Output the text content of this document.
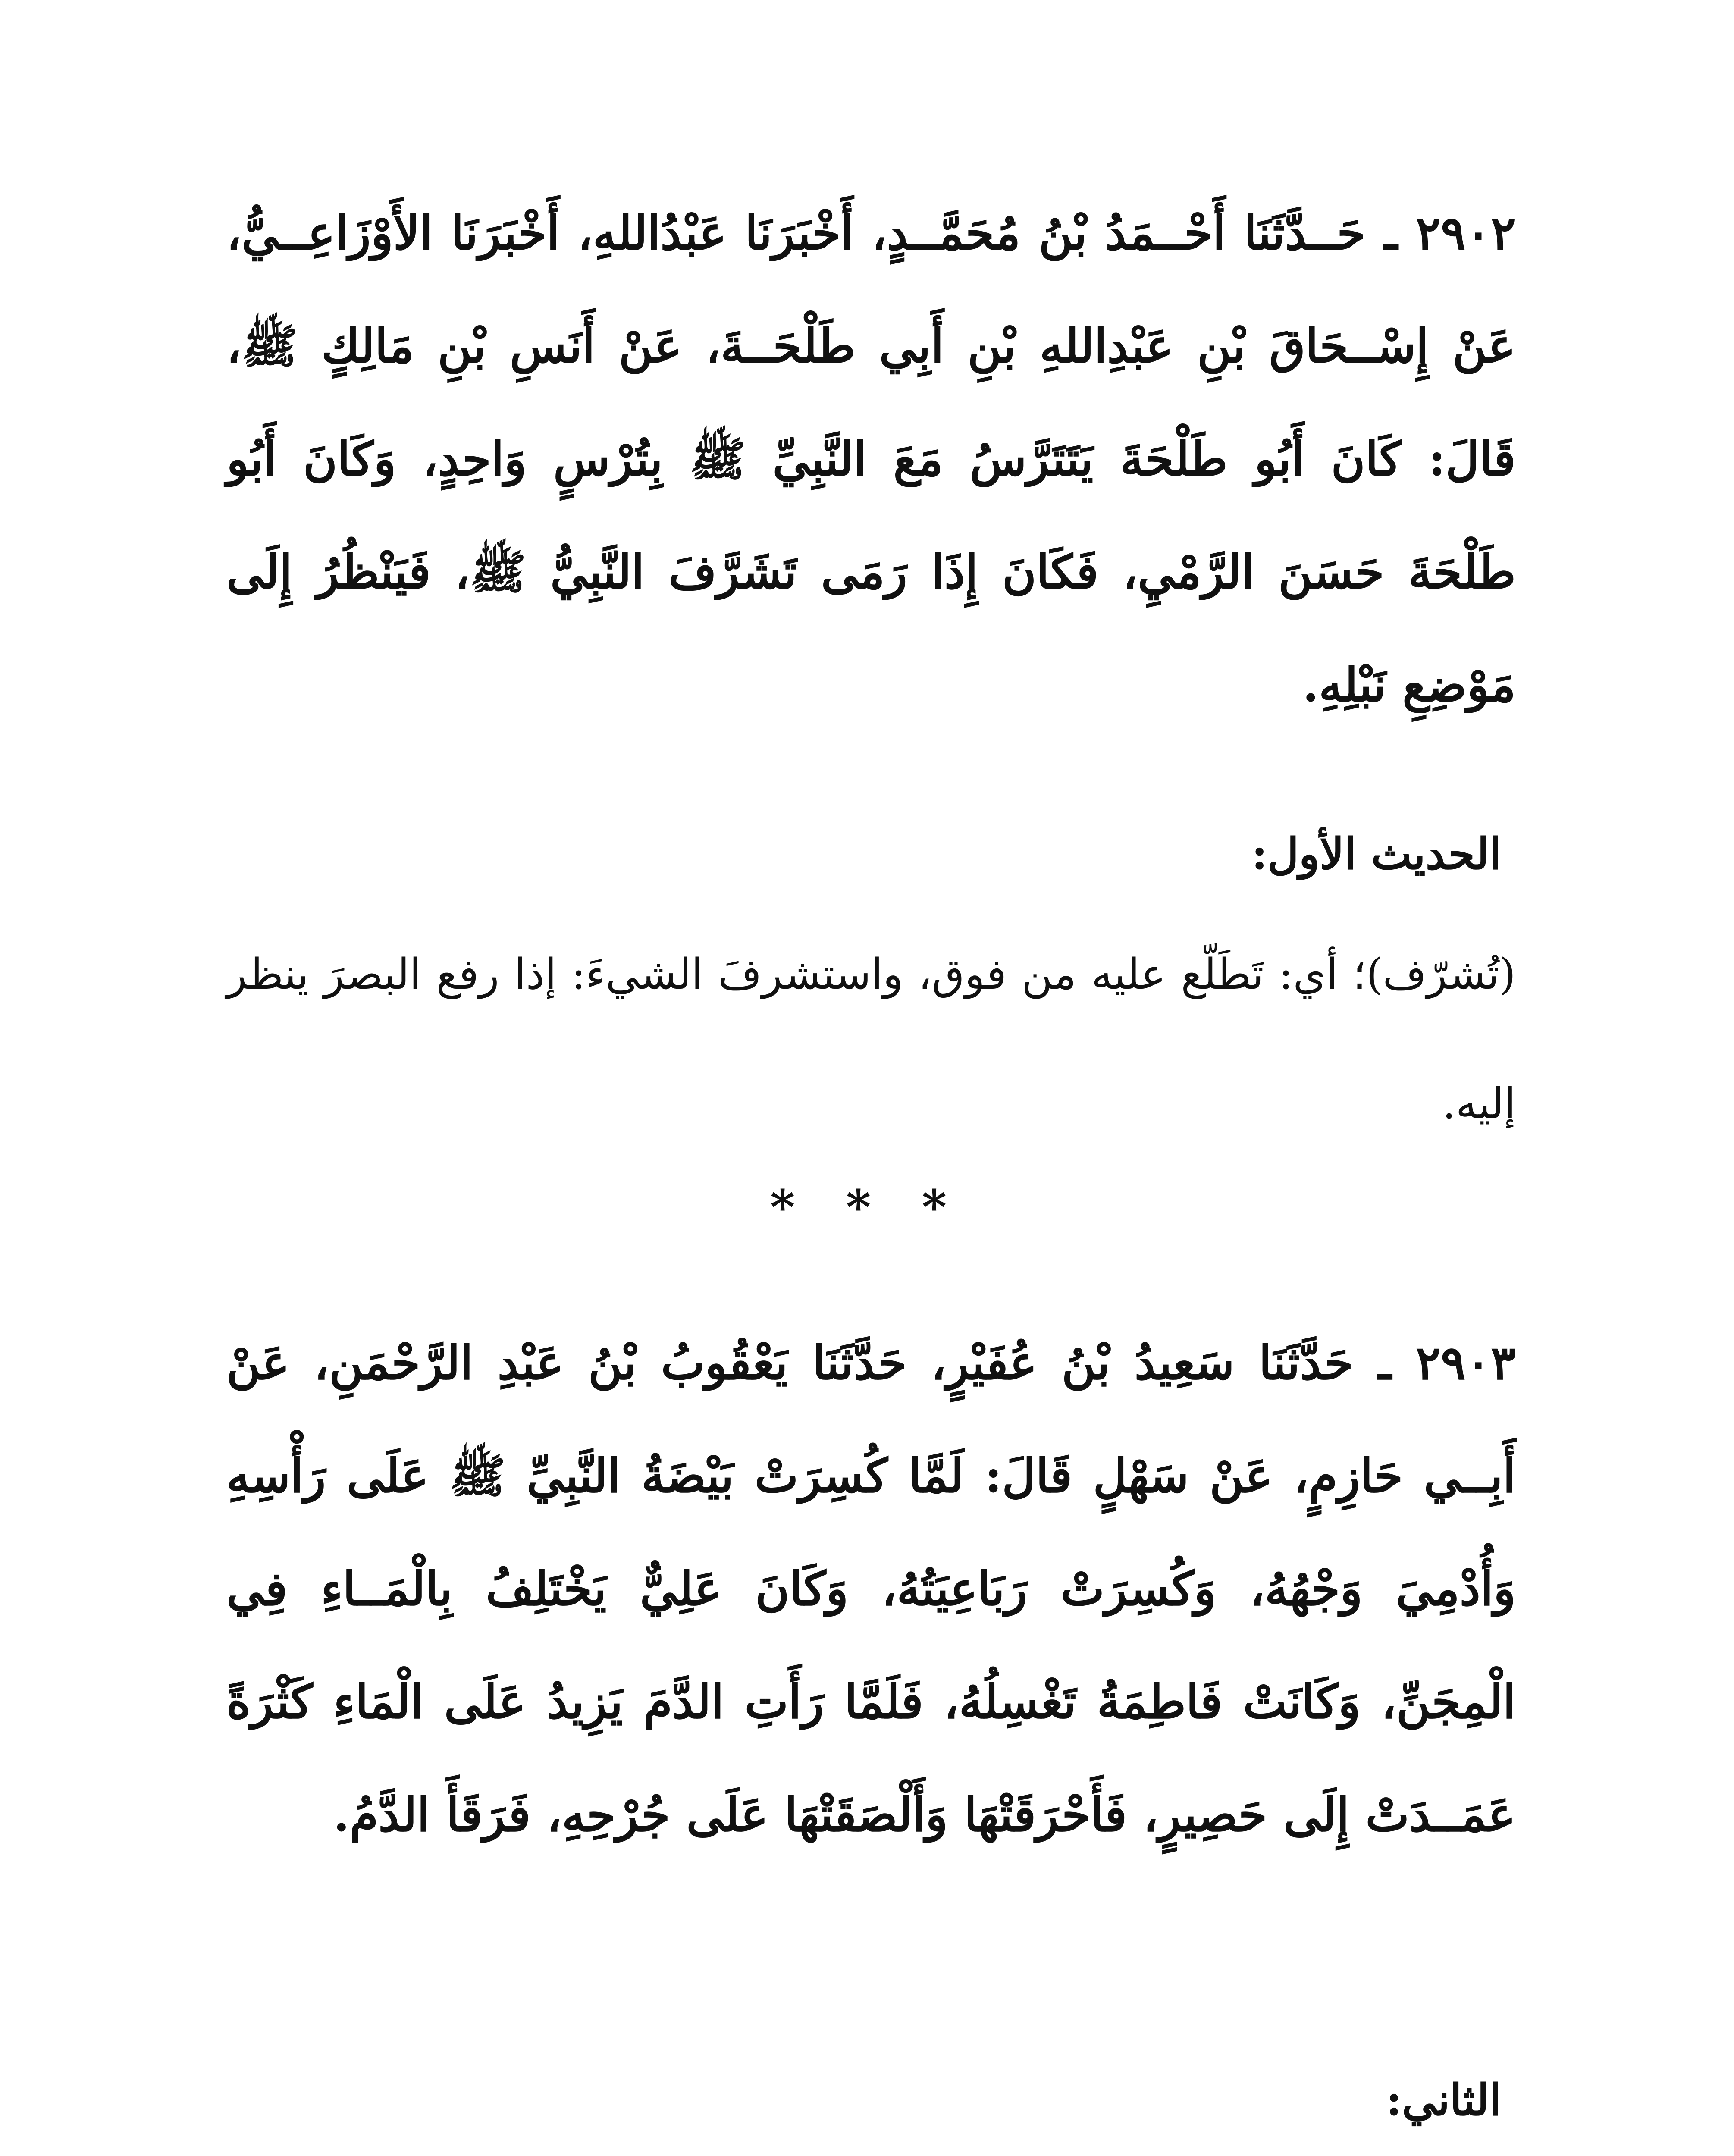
٢٩٠٢ ـ حَــدَّثَنَا أَحْــمَدُ بْنُ مُحَمَّــدٍ، أَخْبَرَنَا عَبْدُاللهِ، أَخْبَرَنَا الأَوْزَاعِــيُّ، عَنْ إِسْــحَاقَ بْنِ عَبْدِاللهِ بْنِ أَبِي طَلْحَــةَ، عَنْ أَنَسِ بْنِ مَالِكٍ ﷺ، قَالَ: كَانَ أَبُو طَلْحَةَ يَتَتَرَّسُ مَعَ النَّبِيِّ ﷺ بِتُرْسٍ وَاحِدٍ، وَكَانَ أَبُو طَلْحَةَ حَسَنَ الرَّمْيِ، فَكَانَ إِذَا رَمَى تَشَرَّفَ النَّبِيُّ ﷺ، فَيَنْظُرُ إِلَى مَوْضِعِ نَبْلِهِ.
الحديث الأول:
(تُشرّف)؛ أي: تَطَلّع عليه من فوق، واستشرفَ الشيءَ: إذا رفع البصرَ ينظر إليه.
* * *
٢٩٠٣ ـ حَدَّثَنَا سَعِيدُ بْنُ عُفَيْرٍ، حَدَّثَنَا يَعْقُوبُ بْنُ عَبْدِ الرَّحْمَنِ، عَنْ أَبِــي حَازِمٍ، عَنْ سَهْلٍ قَالَ: لَمَّا كُسِرَتْ بَيْضَةُ النَّبِيِّ ﷺ عَلَى رَأْسِهِ وَأُدْمِيَ وَجْهُهُ، وَكُسِرَتْ رَبَاعِيَتُهُ، وَكَانَ عَلِيٌّ يَخْتَلِفُ بِالْمَــاءِ فِي الْمِجَنِّ، وَكَانَتْ فَاطِمَةُ تَغْسِلُهُ، فَلَمَّا رَأَتِ الدَّمَ يَزِيدُ عَلَى الْمَاءِ كَثْرَةً عَمَــدَتْ إِلَى حَصِيرٍ، فَأَحْرَقَتْهَا وَأَلْصَقَتْهَا عَلَى جُرْحِهِ، فَرَقَأَ الدَّمُ.
الثاني:
